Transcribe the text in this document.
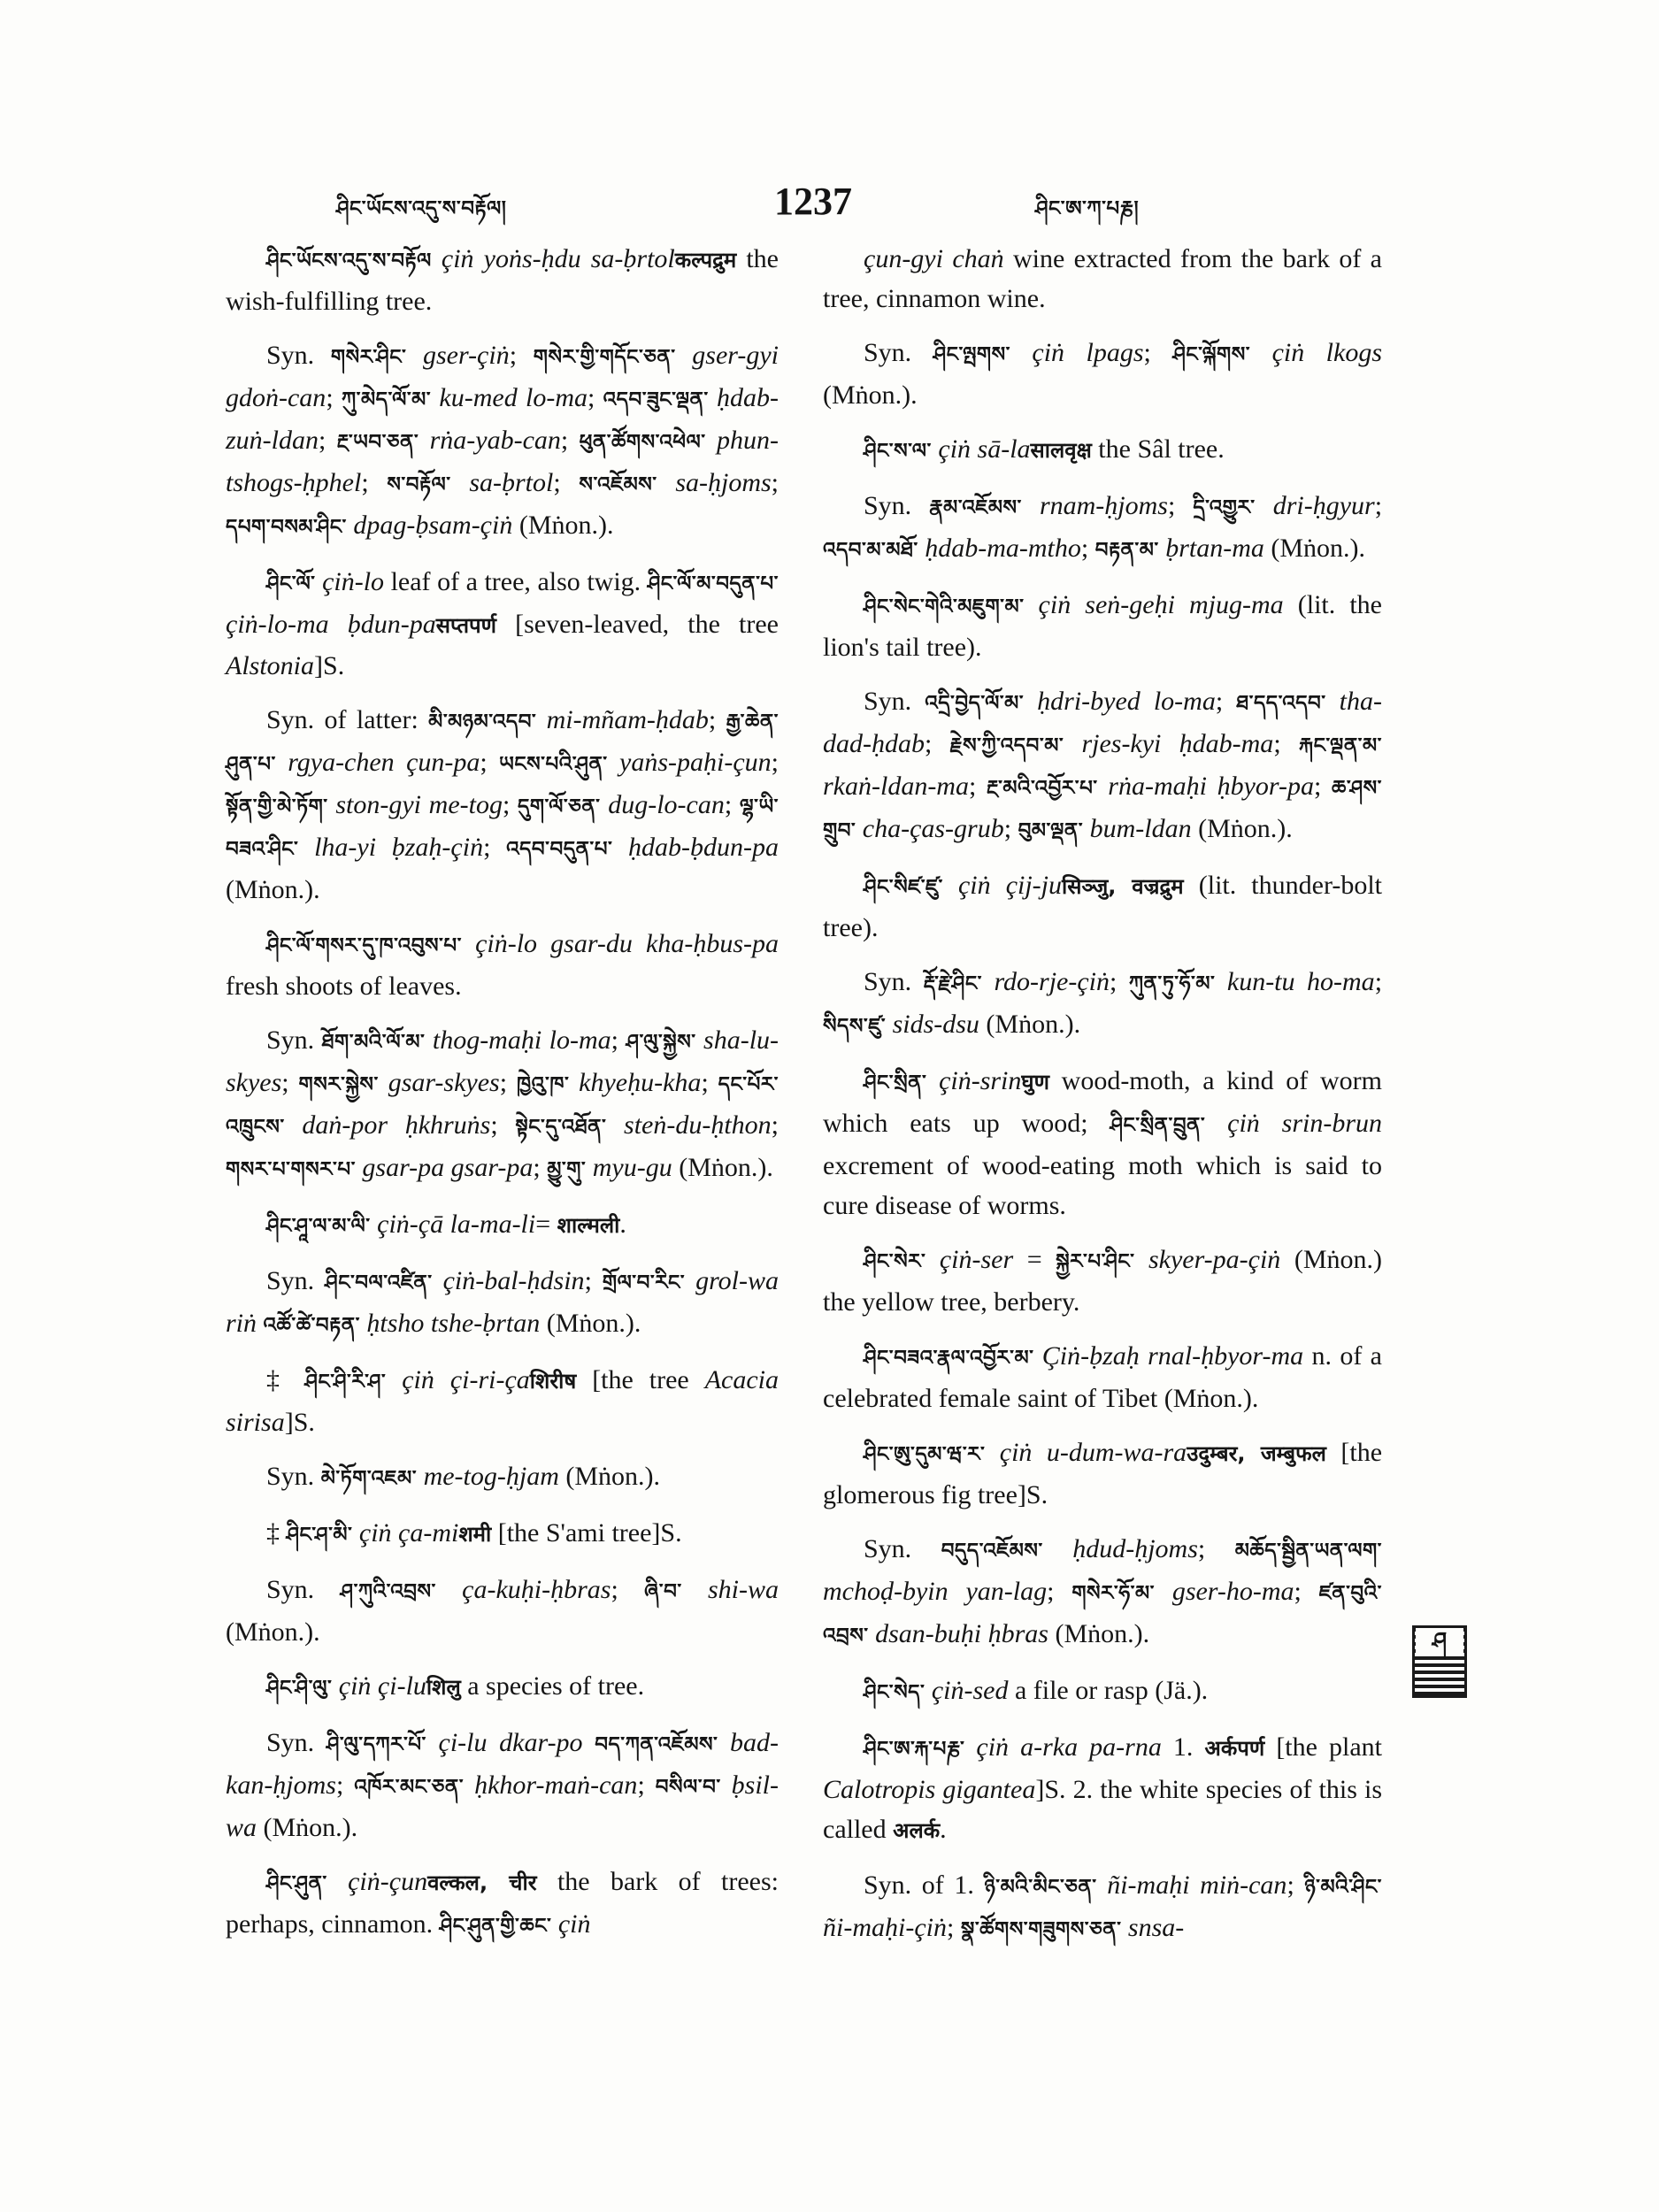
ཤིང་ཡོངས་འདུ་ས་བརྟོལ།	1237	ཤིང་ཨ་ཀ་པརྞ།

ཤིང་ཡོངས་འདུ་ས་བརྟོལ çiṅ yoṅs-ḥdu sa-ḅrtolकल्पद्रुम the wish-fulfilling tree.

Syn. གསེར་ཤིང་ gser-çiṅ; གསེར་གྱི་གདོང་ཅན་ gser-gyi gdoṅ-can; ཀུ་མེད་ལོ་མ་ ku-med lo-ma; འདབ་ཟུང་ལྡན་ ḥdab-zuṅ-ldan; རྔ་ཡབ་ཅན་ rṅa-yab-can; ཕུན་ཚོགས་འཕེལ་ phun-tshogs-ḥphel; ས་བརྟོལ་ sa-ḅrtol; ས་འཇོམས་ sa-ḥjoms; དཔག་བསམ་ཤིང་ dpag-ḅsam-çiṅ (Mṅon.).

ཤིང་ལོ་ çiṅ-lo leaf of a tree, also twig. ཤིང་ལོ་མ་བདུན་པ་ çiṅ-lo-ma ḅdun-paसप्तपर्ण [seven-leaved, the tree Alstonia]S.

Syn. of latter: མི་མཉམ་འདབ་ mi-mñam-ḥdab; རྒྱ་ཆེན་ཤུན་པ་ rgya-chen çun-pa; ཡངས་པའི་ཤུན་ yaṅs-paḥi-çun; སྟོན་གྱི་མེ་ཏོག་ ston-gyi me-tog; དུག་ལོ་ཅན་ dug-lo-can; ལྷ་ཡི་བཟའ་ཤིང་ lha-yi ḅzaḥ-çiṅ; འདབ་བདུན་པ་ ḥdab-ḅdun-pa (Mṅon.).

ཤིང་ལོ་གསར་དུ་ཁ་འབུས་པ་ çiṅ-lo gsar-du kha-ḥbus-pa fresh shoots of leaves.

Syn. ཐོག་མའི་ལོ་མ་ thog-maḥi lo-ma; ཤ་ལུ་སྐྱེས་ sha-lu-skyes; གསར་སྐྱེས་ gsar-skyes; ཁྱེའུ་ཁ་ khyeḥu-kha; དང་པོར་འཁྲུངས་ daṅ-por ḥkhruṅs; སྟེང་དུ་འཐོན་ steṅ-du-ḥthon; གསར་པ་གསར་པ་ gsar-pa gsar-pa; མྱུ་གུ་ myu-gu (Mṅon.).

ཤིང་ཤཱ་ལ་མ་ལི་ çiṅ-çā la-ma-li= शाल्मली.

Syn. ཤིང་བལ་འཛིན་ çiṅ-bal-ḥdsin; གྲོལ་བ་རིང་ grol-wa riṅ འཚོ་ཚེ་བརྟན་ ḥtsho tshe-ḅrtan (Mṅon.).

‡ ཤིང་ཤི་རི་ཤ་ çiṅ çi-ri-çaशिरीष [the tree Acacia sirisa]S.

Syn. མེ་ཏོག་འཇམ་ me-tog-ḥjam (Mṅon.).

‡ ཤིང་ཤ་མི་ çiṅ ça-miशमी [the S'ami tree]S.

Syn. ཤ་ཀུའི་འབྲས་ ça-kuḥi-ḥbras; ཞི་བ་ shi-wa (Mṅon.).

ཤིང་ཤི་ལུ་ çiṅ çi-luशिलु a species of tree.

Syn. ཤི་ལུ་དཀར་པོ་ çi-lu dkar-po བད་ཀན་འཇོམས་ bad-kan-ḥjoms; འཁོར་མང་ཅན་ ḥkhor-maṅ-can; བསིལ་བ་ ḅsil-wa (Mṅon.).

ཤིང་ཤུན་ çiṅ-çunवल्कल, चीर the bark of trees: perhaps, cinnamon. ཤིང་ཤུན་གྱི་ཆང་ çiṅ

çun-gyi chaṅ wine extracted from the bark of a tree, cinnamon wine.

Syn. ཤིང་ལྤགས་ çiṅ lpags; ཤིང་ལྐོགས་ çiṅ lkogs (Mṅon.).

ཤིང་ས་ལ་ çiṅ sā-laसालवृक्ष the Sâl tree.

Syn. རྣམ་འཇོམས་ rnam-ḥjoms; དྲི་འགྱུར་ dri-ḥgyur; འདབ་མ་མཐོ་ ḥdab-ma-mtho; བརྟན་མ་ ḅrtan-ma (Mṅon.).

ཤིང་སེང་གེའི་མཇུག་མ་ çiṅ seṅ-geḥi mjug-ma (lit. the lion's tail tree).

Syn. འདྲི་བྱེད་ལོ་མ་ ḥdri-byed lo-ma; ཐ་དད་འདབ་ tha-dad-ḥdab; རྗེས་ཀྱི་འདབ་མ་ rjes-kyi ḥdab-ma; རྐང་ལྡན་མ་ rkaṅ-ldan-ma; རྔ་མའི་འབྱོར་པ་ rṅa-maḥi ḥbyor-pa; ཆ་ཤས་གྲུབ་ cha-ças-grub; བུམ་ལྡན་ bum-ldan (Mṅon.).

ཤིང་སིཛ་ཛུ་ çiṅ çij-juसिञ्जु, वज्रद्रुम (lit. thunder-bolt tree).

Syn. རྡོ་རྗེ་ཤིང་ rdo-rje-çiṅ; ཀུན་ཏུ་ཧོ་མ་ kun-tu ho-ma; སིདས་ཛུ་ sids-dsu (Mṅon.).

ཤིང་སྲིན་ çiṅ-srinघुण wood-moth, a kind of worm which eats up wood; ཤིང་སྲིན་བྲུན་ çiṅ srin-brun excrement of wood-eating moth which is said to cure disease of worms.

ཤིང་སེར་ çiṅ-ser = སྐྱེར་པ་ཤིང་ skyer-pa-çiṅ (Mṅon.) the yellow tree, berbery.

ཤིང་བཟའ་རྣལ་འབྱོར་མ་ Çiṅ-ḅzaḥ rnal-ḥbyor-ma n. of a celebrated female saint of Tibet (Mṅon.).

ཤིང་ཨུ་དུམ་ཝ་ར་ çiṅ u-dum-wa-raउदुम्बर, जम्बुफल [the glomerous fig tree]S.

Syn. བདུད་འཇོམས་ ḥdud-ḥjoms; མཆོད་སྦྱིན་ཡན་ལག་ mchoḍ-byin yan-lag; གསེར་ཧོ་མ་ gser-ho-ma; ཛན་བུའི་འབྲས་ dsan-buḥi ḥbras (Mṅon.).

ཤིང་སེད་ çiṅ-sed a file or rasp (Jä.).

ཤིང་ཨ་རྐ་པརྞ་ çiṅ a-rka pa-rna 1. अर्कपर्ण [the plant Calotropis gigantea]S. 2. the white species of this is called अलर्क.

Syn. of 1. ཉི་མའི་མིང་ཅན་ ñi-maḥi miṅ-can; ཉི་མའི་ཤིང་ ñi-maḥi-çiṅ; སྣ་ཚོགས་གཟུགས་ཅན་ snsa-

ཤ
